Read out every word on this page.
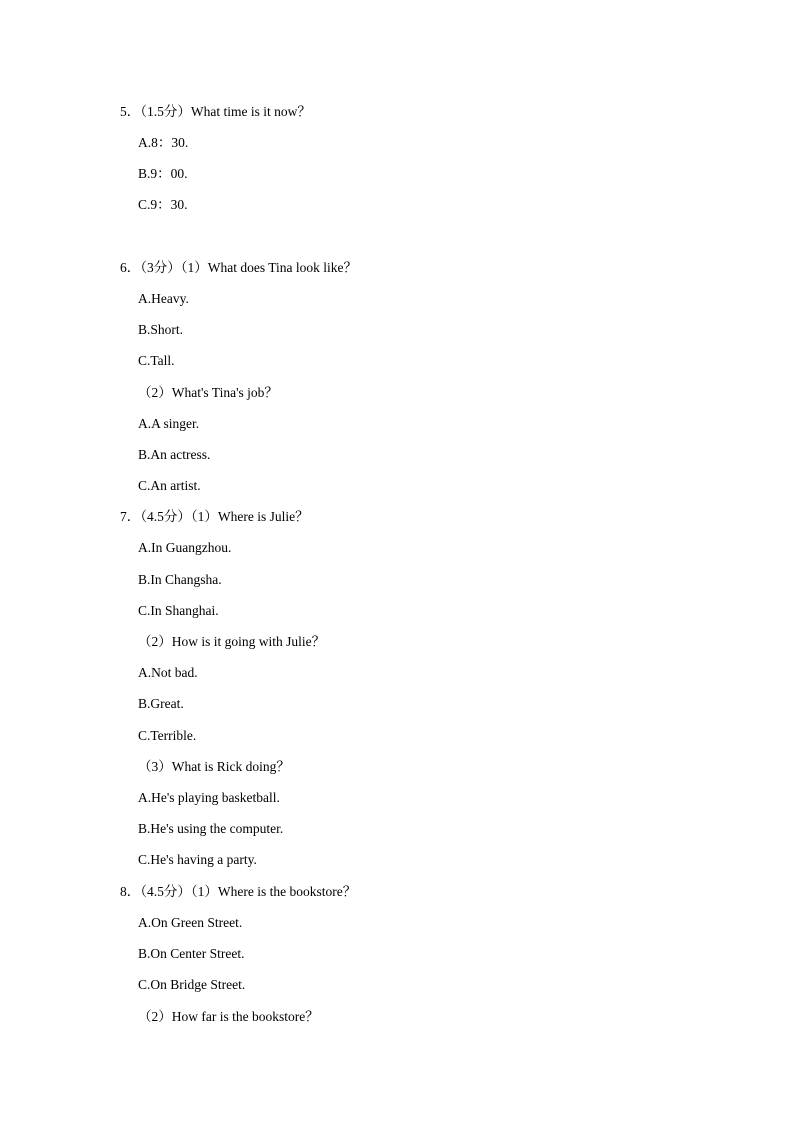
5．（1.5分）What time is it now？
A.8：30.
B.9：00.
C.9：30.
6．（3分）（1）What does Tina look like？
A.Heavy.
B.Short.
C.Tall.
（2）What's Tina's job？
A.A singer.
B.An actress.
C.An artist.
7．（4.5分）（1）Where is Julie？
A.In Guangzhou.
B.In Changsha.
C.In Shanghai.
（2）How is it going with Julie？
A.Not bad.
B.Great.
C.Terrible.
（3）What is Rick doing？
A.He's playing basketball.
B.He's using the computer.
C.He's having a party.
8．（4.5分）（1）Where is the bookstore？
A.On Green Street.
B.On Center Street.
C.On Bridge Street.
（2）How far is the bookstore？
